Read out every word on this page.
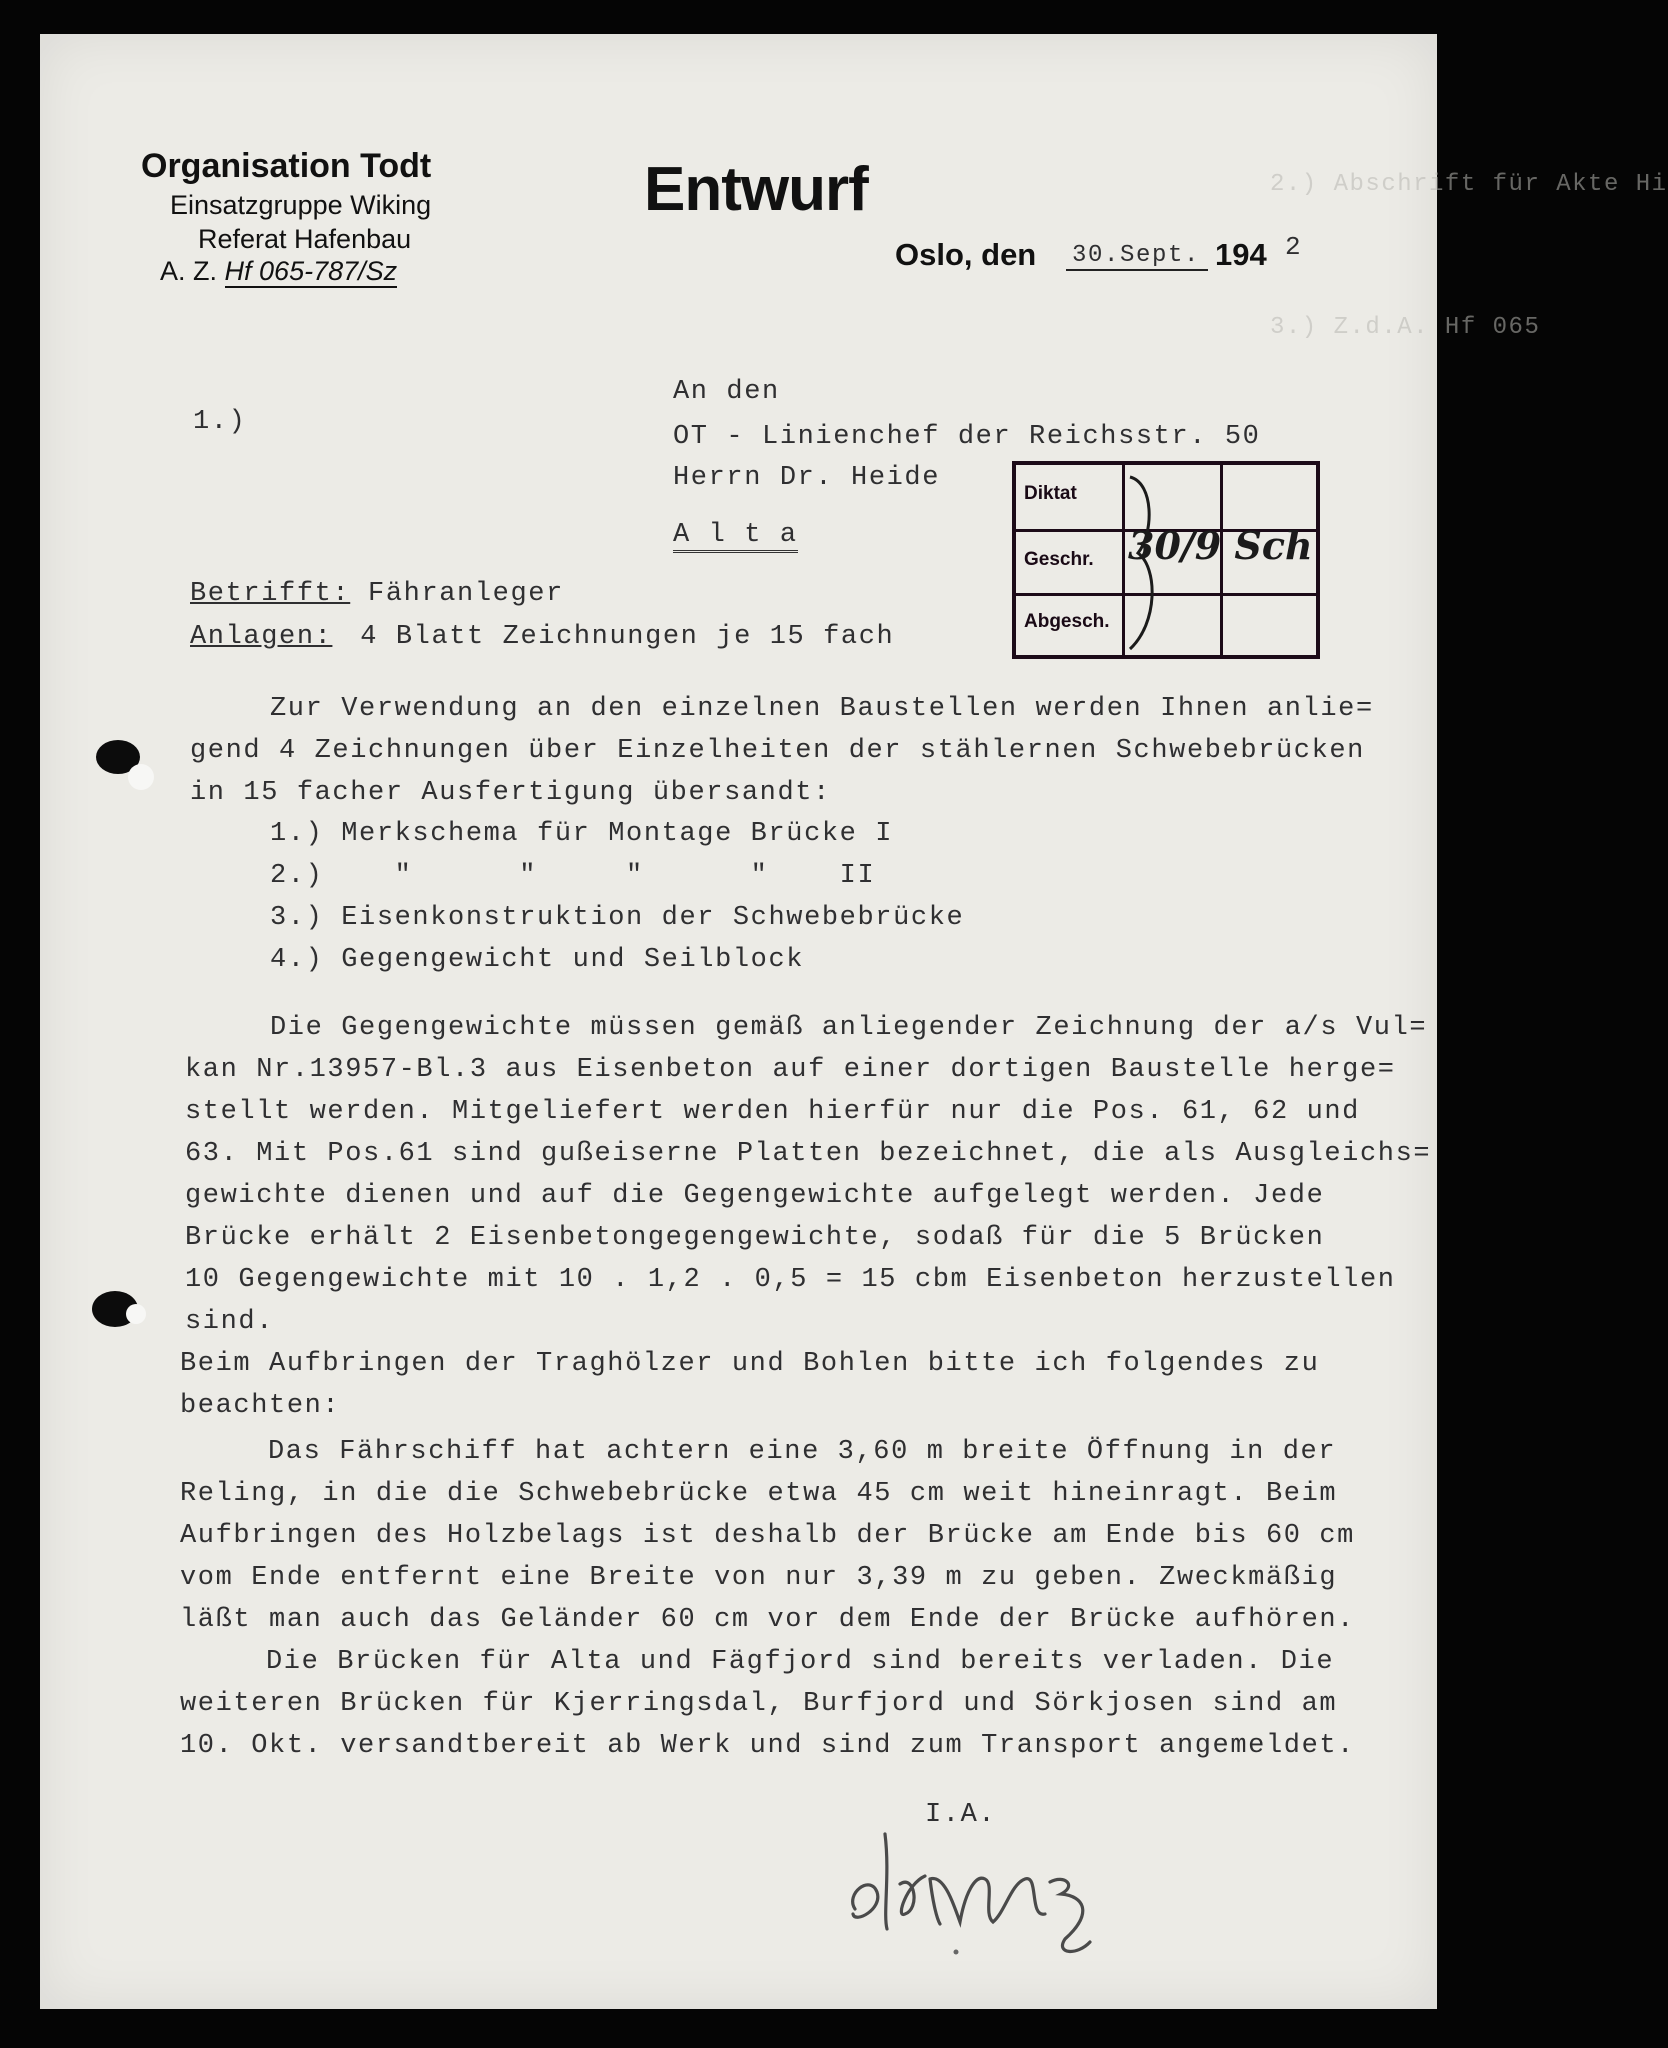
2.) Abschrift für Akte Hi
3.) Z.d.A. Hf 065
Organisation Todt
Einsatzgruppe Wiking
Referat Hafenbau
A. Z. Hf 065-787/Sz
Entwurf
Oslo, den 30.Sept. 194 2
1.)
An den
OT - Linienchef der Reichsstr. 50
Herrn Dr. Heide
A l t a
Diktat
Geschr.
Abgesch.
30/9 Sch
Betrifft: Fähranleger
Anlagen: 4 Blatt Zeichnungen je 15 fach
Zur Verwendung an den einzelnen Baustellen werden Ihnen anlie=
gend 4 Zeichnungen über Einzelheiten der stählernen Schwebebrücken
in 15 facher Ausfertigung übersandt:
1.) Merkschema für Montage Brücke I
2.)    "      "     "      "    II
3.) Eisenkonstruktion der Schwebebrücke
4.) Gegengewicht und Seilblock
Die Gegengewichte müssen gemäß anliegender Zeichnung der a/s Vul=
kan Nr.13957-Bl.3 aus Eisenbeton auf einer dortigen Baustelle herge=
stellt werden. Mitgeliefert werden hierfür nur die Pos. 61, 62 und
63. Mit Pos.61 sind gußeiserne Platten bezeichnet, die als Ausgleichs=
gewichte dienen und auf die Gegengewichte aufgelegt werden. Jede
Brücke erhält 2 Eisenbetongegengewichte, sodaß für die 5 Brücken
10 Gegengewichte mit 10 . 1,2 . 0,5 = 15 cbm Eisenbeton herzustellen
sind.
Beim Aufbringen der Traghölzer und Bohlen bitte ich folgendes zu
beachten:
Das Fährschiff hat achtern eine 3,60 m breite Öffnung in der
Reling, in die die Schwebebrücke etwa 45 cm weit hineinragt. Beim
Aufbringen des Holzbelags ist deshalb der Brücke am Ende bis 60 cm
vom Ende entfernt eine Breite von nur 3,39 m zu geben. Zweckmäßig
läßt man auch das Geländer 60 cm vor dem Ende der Brücke aufhören.
Die Brücken für Alta und Fägfjord sind bereits verladen. Die
weiteren Brücken für Kjerringsdal, Burfjord und Sörkjosen sind am
10. Okt. versandtbereit ab Werk und sind zum Transport angemeldet.
I.A.
